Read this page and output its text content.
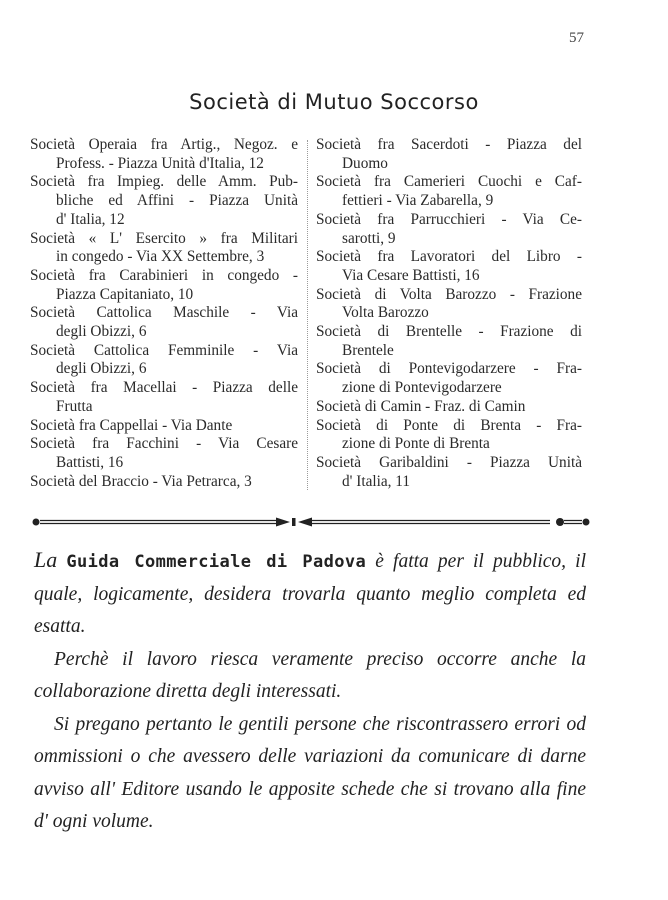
57
Società di Mutuo Soccorso

Società Operaia fra Artig., Negoz. e
Profess. - Piazza Unità d'Italia, 12

Società fra Impieg. delle Amm. Pub-
bliche ed Affini - Piazza Unità
d' Italia, 12

Società « L' Esercito » fra Militari
in congedo - Via XX Settembre, 3

Società fra Carabinieri in congedo -
Piazza Capitaniato, 10

Società Cattolica Maschile - Via
degli Obizzi, 6

Società Cattolica Femminile - Via
degli Obizzi, 6

Società fra Macellai - Piazza delle
Frutta

Società fra Cappellai - Via Dante

Società fra Facchini - Via Cesare
Battisti, 16

Società del Braccio - Via Petrarca, 3

Società fra Sacerdoti - Piazza del
Duomo

Società fra Camerieri Cuochi e Caf-
fettieri - Via Zabarella, 9

Società fra Parrucchieri - Via Ce-
sarotti, 9

Società fra Lavoratori del Libro -
Via Cesare Battisti, 16

Società di Volta Barozzo - Frazione
Volta Barozzo

Società di Brentelle - Frazione di
Brentele

Società di Pontevigodarzere - Fra-
zione di Pontevigodarzere

Società di Camin - Fraz. di Camin

Società di Ponte di Brenta - Fra-
zione di Ponte di Brenta

Società Garibaldini - Piazza Unità
d' Italia, 11

La Guida Commerciale di Padova è fatta per il pubblico, il quale, logicamente, desidera trovarla quanto meglio completa ed esatta.

Perchè il lavoro riesca veramente preciso occorre anche la collaborazione diretta degli interessati.

Si pregano pertanto le gentili persone che riscontrassero errori od ommissioni o che avessero delle variazioni da comunicare di darne avviso all' Editore usando le apposite schede che si trovano alla fine d' ogni volume.
